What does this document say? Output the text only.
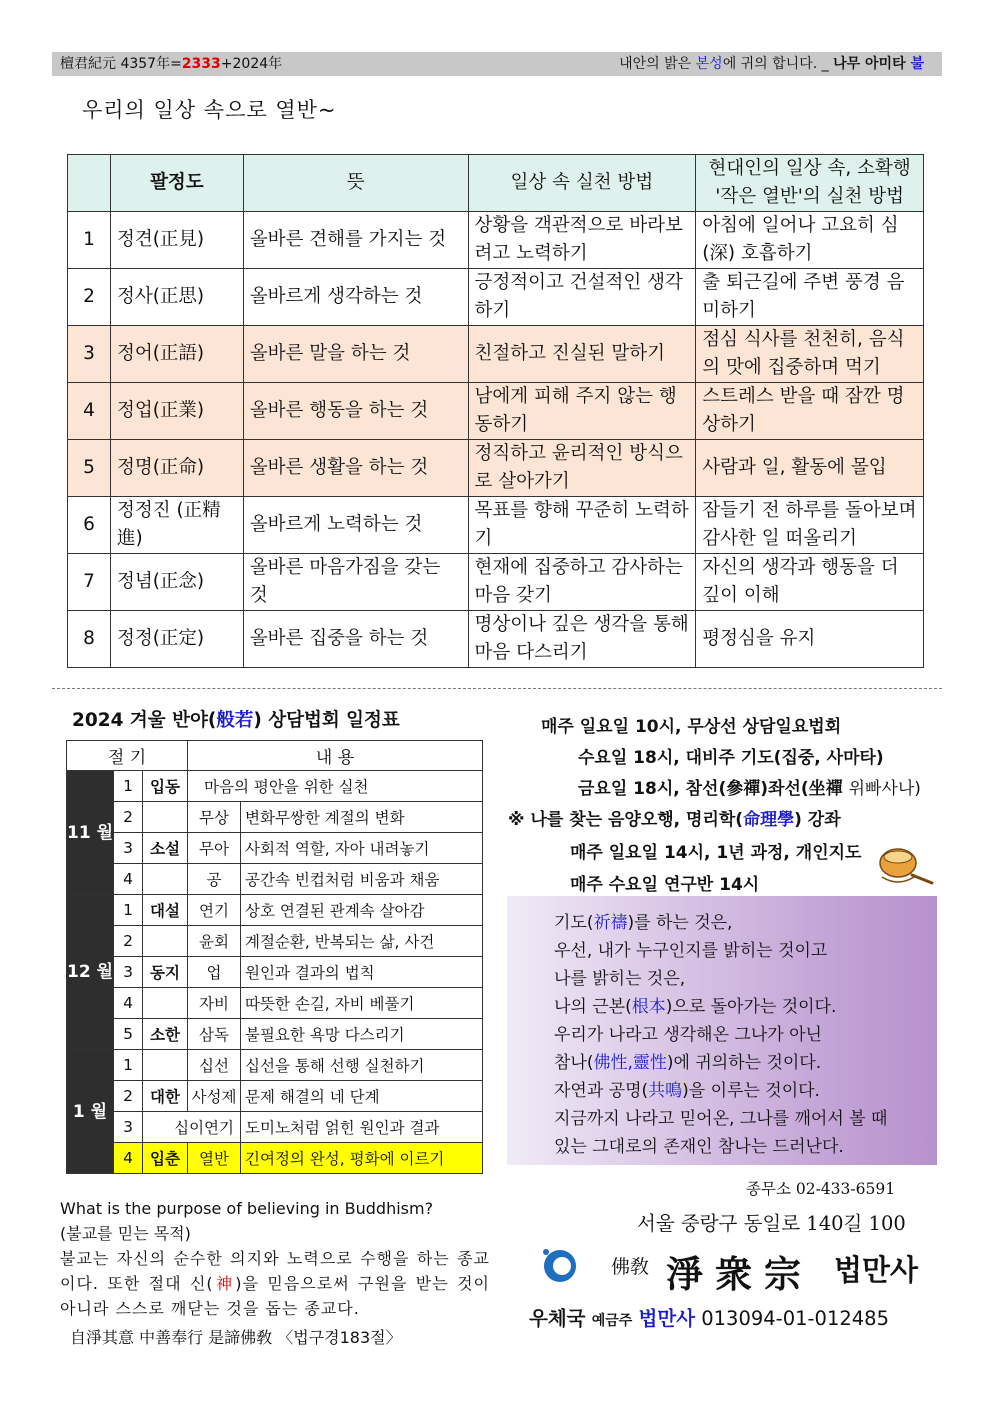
檀君紀元 4357年=2333+2024年	내안의 밝은 본성에 귀의 합니다. _ 나무 아미타 불
우리의 일상 속으로 열반~
	팔정도	뜻	일상 속 실천 방법	현대인의 일상 속, 소확행 '작은 열반'의 실천 방법
1	정견(正見)	올바른 견해를 가지는 것	상황을 객관적으로 바라보려고 노력하기	아침에 일어나 고요히 심(深) 호흡하기
2	정사(正思)	올바르게 생각하는 것	긍정적이고 건설적인 생각하기	출 퇴근길에 주변 풍경 음미하기
3	정어(正語)	올바른 말을 하는 것	친절하고 진실된 말하기	점심 식사를 천천히, 음식의 맛에 집중하며 먹기
4	정업(正業)	올바른 행동을 하는 것	남에게 피해 주지 않는 행동하기	스트레스 받을 때 잠깐 명상하기
5	정명(正命)	올바른 생활을 하는 것	정직하고 윤리적인 방식으로 살아가기	사람과 일, 활동에 몰입
6	정정진 (正精進)	올바르게 노력하는 것	목표를 향해 꾸준히 노력하기	잠들기 전 하루를 돌아보며 감사한 일 떠올리기
7	정념(正念)	올바른 마음가짐을 갖는 것	현재에 집중하고 감사하는 마음 갖기	자신의 생각과 행동을 더 깊이 이해
8	정정(正定)	올바른 집중을 하는 것	명상이나 깊은 생각을 통해 마음 다스리기	평정심을 유지
2024 겨울 반야(般若) 상담법회 일정표
절 기			내 용	
11 월	1	입동	마음의 평안을 위한 실천	
	2		무상	변화무쌍한 계절의 변화
	3	소설	무아	사회적 역할, 자아 내려놓기
	4		공	공간속 빈컵처럼 비움과 채움
12 월	1	대설	연기	상호 연결된 관계속 살아감
	2		윤회	계절순환, 반복되는 삶, 사건
	3	동지	업	원인과 결과의 법칙
	4		자비	따뜻한 손길, 자비 베풀기
	5	소한	삼독	불필요한 욕망 다스리기
1 월	1		십선	십선을 통해 선행 실천하기
	2	대한	사성제	문제 해결의 네 단계
	3	십이연기		도미노처럼 얽힌 원인과 결과
	4	입춘	열반	긴여정의 완성, 평화에 이르기
매주 일요일 10시, 무상선 상담일요법회
수요일 18시, 대비주 기도(집중, 사마타)
금요일 18시, 참선(參禪)좌선(坐禪 위빠사나)
※ 나를 찾는 음양오행, 명리학(命理學) 강좌
매주 일요일 14시, 1년 과정, 개인지도
매주 수요일 연구반 14시
기도(祈禱)를 하는 것은,
우선, 내가 누구인지를 밝히는 것이고
나를 밝히는 것은,
나의 근본(根本)으로 돌아가는 것이다.
우리가 나라고 생각해온 그나가 아닌
참나(佛性,靈性)에 귀의하는 것이다.
자연과 공명(共鳴)을 이루는 것이다.
지금까지 나라고 믿어온, 그나를 깨어서 볼 때
있는 그대로의 존재인 참나는 드러난다.
What is the purpose of believing in Buddhism?
(불교를 믿는 목적)
불교는 자신의 순수한 의지와 노력으로 수행을 하는 종교이다. 또한 절대 신(神)을 믿음으로써 구원을 받는 것이 아니라 스스로 깨닫는 것을 돕는 종교다.
自淨其意 中善奉行 是諦佛敎 〈법구경183절〉
종무소 02-433-6591
서울 중랑구 동일로 140길 100
佛敎 淨衆宗 법만사
우체국 예금주 법만사 013094-01-012485
